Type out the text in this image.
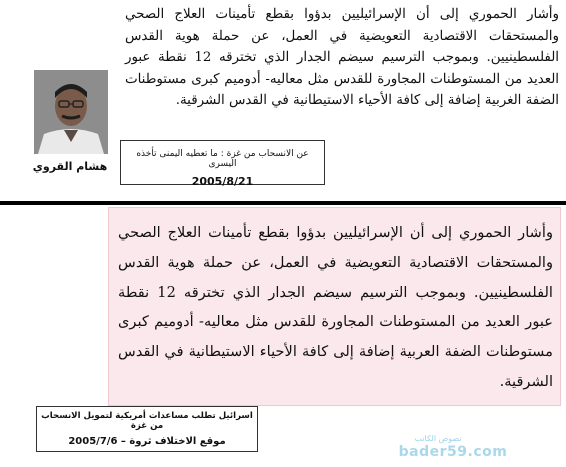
وأشار الحموري إلى أن الإسرائيليين بدؤوا بقطع تأمينات العلاج الصحي والمستحقات الاقتصادية التعويضية في العمل، عن حملة هوية القدس الفلسطينيين. وبموجب الترسيم سيضم الجدار الذي تخترقه 12 نقطة عبور العديد من المستوطنات المجاورة للقدس مثل معاليه- أدوميم كبرى مستوطنات الضفة الغربية إضافة إلى كافة الأحياء الاستيطانية في القدس الشرقية.

هشام القروي
عن الانسحاب من غزة : ما تعطيه اليمنى تأخذه اليسرى
2005/8/21

وأشار الحموري إلى أن الإسرائيليين بدؤوا بقطع تأمينات العلاج الصحي والمستحقات الاقتصادية التعويضية في العمل، عن حملة هوية القدس الفلسطينيين. وبموجب الترسيم سيضم الجدار الذي تخترقه 12 نقطة عبور العديد من المستوطنات المجاورة للقدس مثل معاليه- أدوميم كبرى مستوطنات الضفة العربية إضافة إلى كافة الأحياء الاستيطانية في القدس الشرقية.

اسرائيل تطلب مساعدات أمريكية لتمويل الانسحاب من غزة
موقع الاختلاف ثروة – 2005/7/6	نصوص الكاتب
bader59.com
